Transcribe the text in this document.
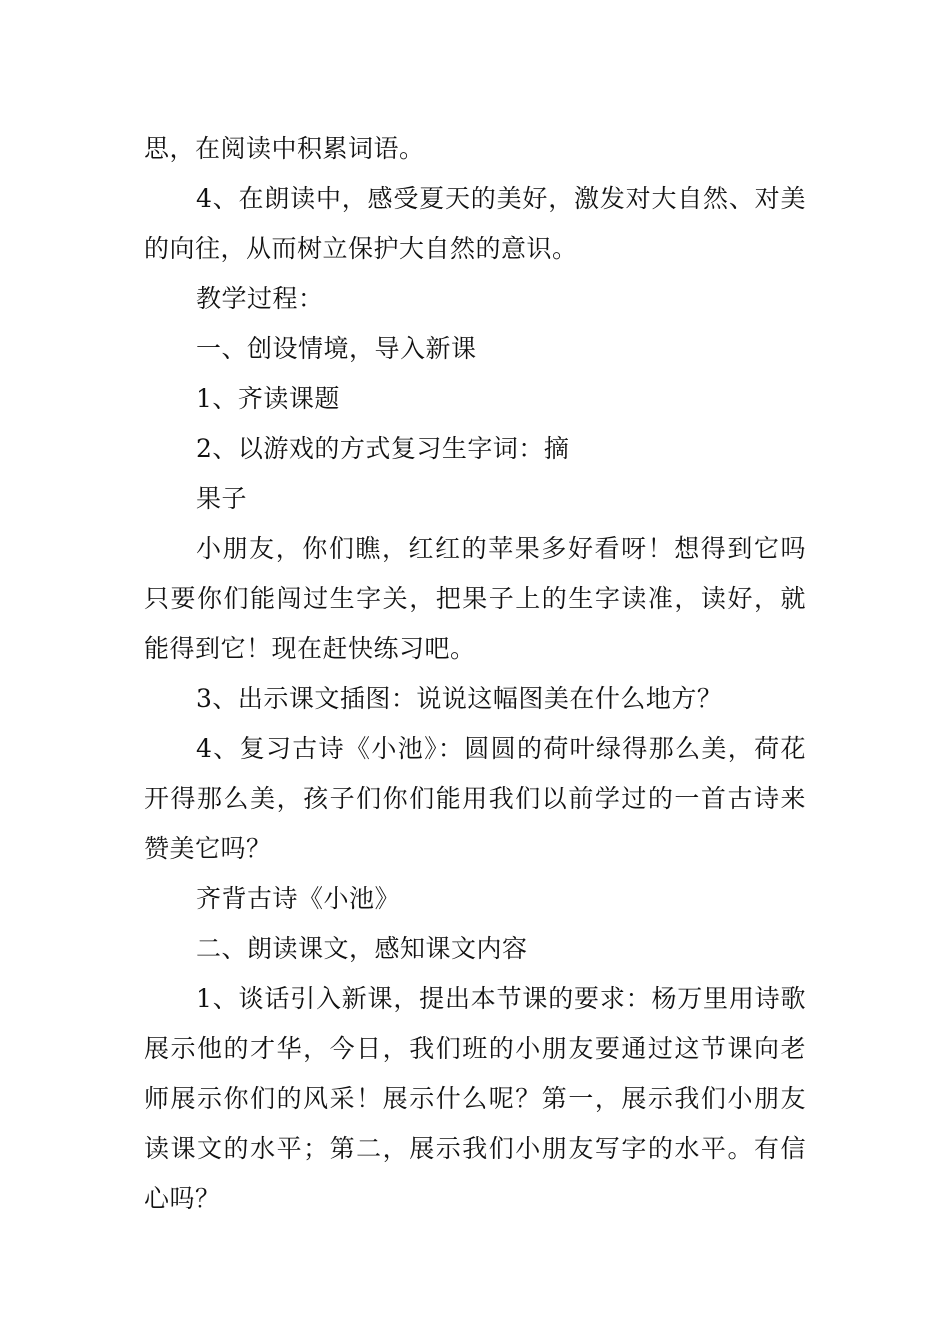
思，在阅读中积累词语。

4、在朗读中，感受夏天的美好，激发对大自然、对美的向往，从而树立保护大自然的意识。

教学过程：

一、创设情境，导入新课

1、齐读课题

2、以游戏的方式复习生字词：摘

果子

小朋友，你们瞧，红红的苹果多好看呀！想得到它吗只要你们能闯过生字关，把果子上的生字读准，读好，就能得到它！现在赶快练习吧。

3、出示课文插图：说说这幅图美在什么地方？

4、复习古诗《小池》：圆圆的荷叶绿得那么美，荷花开得那么美，孩子们你们能用我们以前学过的一首古诗来赞美它吗？

齐背古诗《小池》

二、朗读课文，感知课文内容

1、谈话引入新课，提出本节课的要求：杨万里用诗歌展示他的才华，今日，我们班的小朋友要通过这节课向老师展示你们的风采！展示什么呢？第一，展示我们小朋友读课文的水平；第二，展示我们小朋友写字的水平。有信心吗？
